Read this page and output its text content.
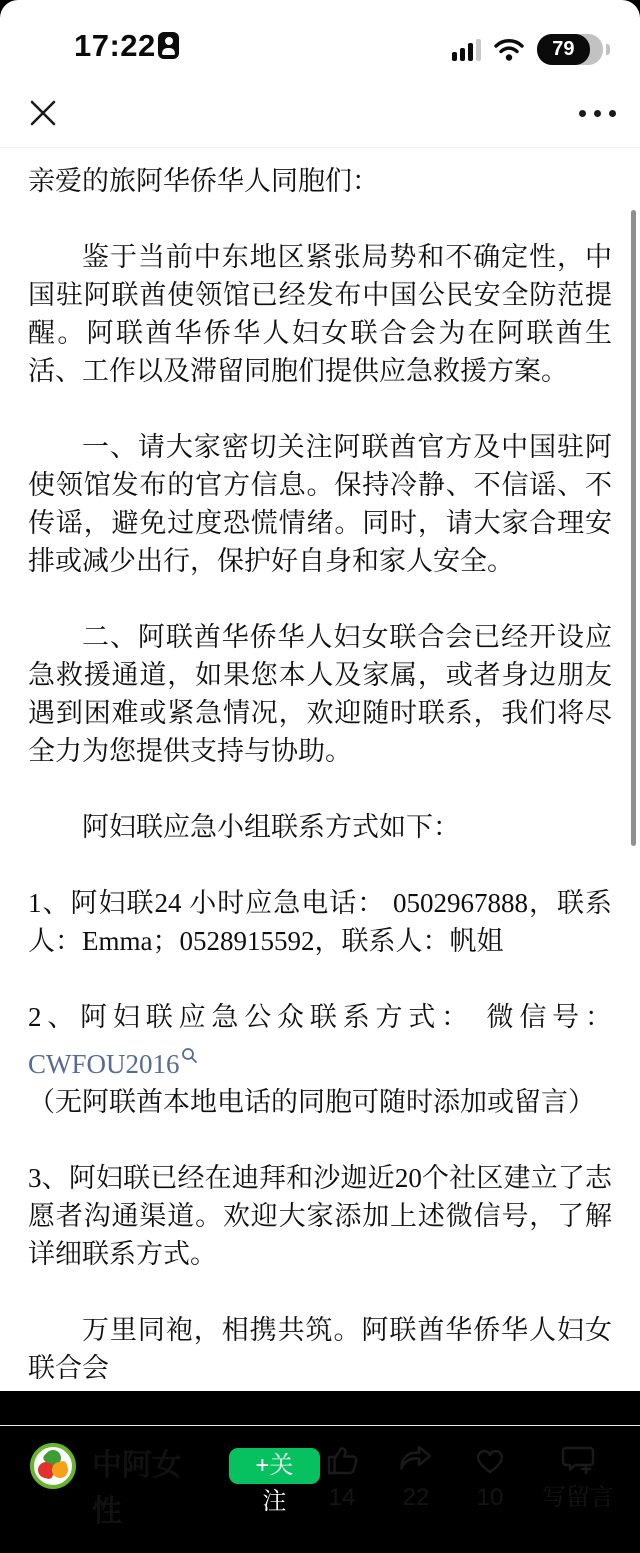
17:22	79

亲爱的旅阿华侨华人同胞们：

鉴于当前中东地区紧张局势和不确定性，中国驻阿联酋使领馆已经发布中国公民安全防范提醒。阿联酋华侨华人妇女联合会为在阿联酋生活、工作以及滞留同胞们提供应急救援方案。

一、请大家密切关注阿联酋官方及中国驻阿使领馆发布的官方信息。保持冷静、不信谣、不传谣，避免过度恐慌情绪。同时，请大家合理安排或减少出行，保护好自身和家人安全。

二、阿联酋华侨华人妇女联合会已经开设应急救援通道，如果您本人及家属，或者身边朋友遇到困难或紧急情况，欢迎随时联系，我们将尽全力为您提供支持与协助。

阿妇联应急小组联系方式如下：

1、阿妇联24 小时应急电话： 0502967888，联系人：Emma；0528915592，联系人：帆姐

2、阿妇联应急公众联系方式： 微信号：CWFOU2016
（无阿联酋本地电话的同胞可随时添加或留言）

3、阿妇联已经在迪拜和沙迦近20个社区建立了志愿者沟通渠道。欢迎大家添加上述微信号，了解详细联系方式。

万里同袍，相携共筑。阿联酋华侨华人妇女联合会

中阿女性
+关注	14 22 10 写留言
